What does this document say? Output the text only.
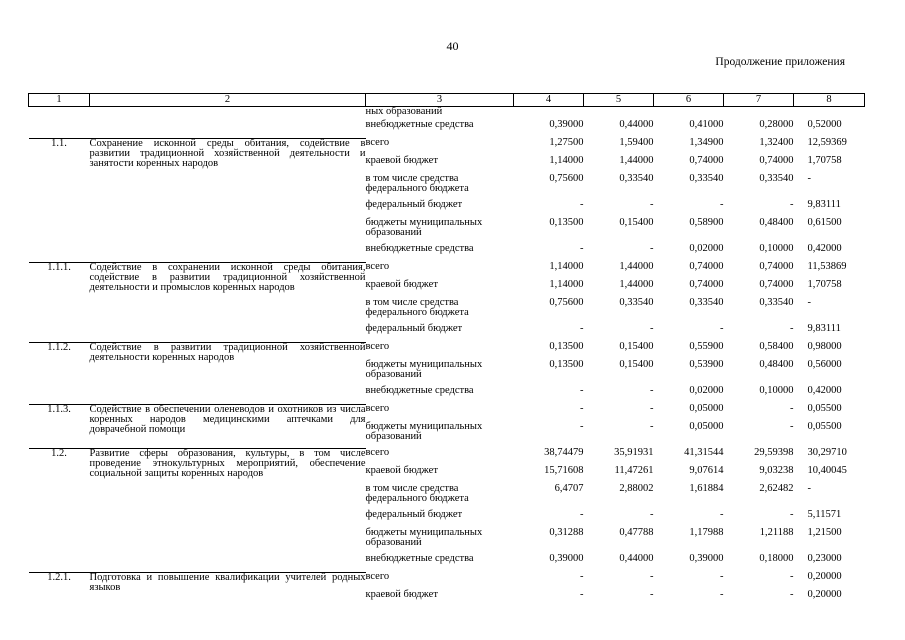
40
Продолжение приложения
1	2	3	4	5	6	7	8
		ных образований					
		внебюджетные средства	0,39000	0,44000	0,41000	0,28000	0,52000
1.1.	Сохранение исконной среды обитания, содействие в развитии традиционной хозяйственной деятельности и занятости коренных народов	всего	1,27500	1,59400	1,34900	1,32400	12,59369
		краевой бюджет	1,14000	1,44000	0,74000	0,74000	1,70758
		в том числе средства федерального бюджета	0,75600	0,33540	0,33540	0,33540	-
		федеральный бюджет	-	-	-	-	9,83111
		бюджеты муниципальных образований	0,13500	0,15400	0,58900	0,48400	0,61500
		внебюджетные средства	-	-	0,02000	0,10000	0,42000
1.1.1.	Содействие в сохранении исконной среды обитания, содействие в развитии традиционной хозяйственной деятельности и промыслов коренных народов	всего	1,14000	1,44000	0,74000	0,74000	11,53869
		краевой бюджет	1,14000	1,44000	0,74000	0,74000	1,70758
		в том числе средства федерального бюджета	0,75600	0,33540	0,33540	0,33540	-
		федеральный бюджет	-	-	-	-	9,83111
1.1.2.	Содействие в развитии традиционной хозяйственной деятельности коренных народов	всего	0,13500	0,15400	0,55900	0,58400	0,98000
		бюджеты муниципальных образований	0,13500	0,15400	0,53900	0,48400	0,56000
		внебюджетные средства	-	-	0,02000	0,10000	0,42000
1.1.3.	Содействие в обеспечении оленеводов и охотников из числа коренных народов медицинскими аптечками для доврачебной помощи	всего	-	-	0,05000	-	0,05500
		бюджеты муниципальных образований	-	-	0,05000	-	0,05500
1.2.	Развитие сферы образования, культуры, в том числе проведение этнокультурных мероприятий, обеспечение социальной защиты коренных народов	всего	38,74479	35,91931	41,31544	29,59398	30,29710
		краевой бюджет	15,71608	11,47261	9,07614	9,03238	10,40045
		в том числе средства федерального бюджета	6,4707	2,88002	1,61884	2,62482	-
		федеральный бюджет	-	-	-	-	5,11571
		бюджеты муниципальных образований	0,31288	0,47788	1,17988	1,21188	1,21500
		внебюджетные средства	0,39000	0,44000	0,39000	0,18000	0,23000
1.2.1.	Подготовка и повышение квалификации учителей родных языков	всего	-	-	-	-	0,20000
		краевой бюджет	-	-	-	-	0,20000
